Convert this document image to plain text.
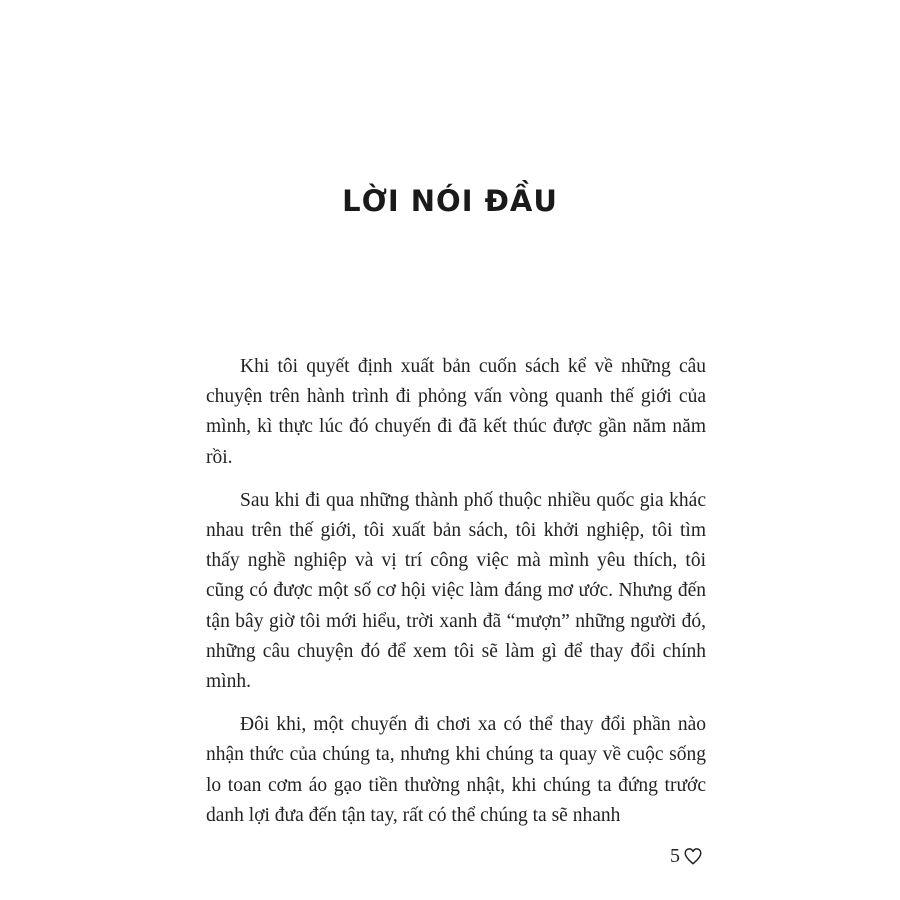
LỜI NÓI ĐẦU

Khi tôi quyết định xuất bản cuốn sách kể về những câu chuyện trên hành trình đi phỏng vấn vòng quanh thế giới của mình, kì thực lúc đó chuyến đi đã kết thúc được gần năm năm rồi.

Sau khi đi qua những thành phố thuộc nhiều quốc gia khác nhau trên thế giới, tôi xuất bản sách, tôi khởi nghiệp, tôi tìm thấy nghề nghiệp và vị trí công việc mà mình yêu thích, tôi cũng có được một số cơ hội việc làm đáng mơ ước. Nhưng đến tận bây giờ tôi mới hiểu, trời xanh đã “mượn” những người đó, những câu chuyện đó để xem tôi sẽ làm gì để thay đổi chính mình.

Đôi khi, một chuyến đi chơi xa có thể thay đổi phần nào nhận thức của chúng ta, nhưng khi chúng ta quay về cuộc sống lo toan cơm áo gạo tiền thường nhật, khi chúng ta đứng trước danh lợi đưa đến tận tay, rất có thể chúng ta sẽ nhanh

5
